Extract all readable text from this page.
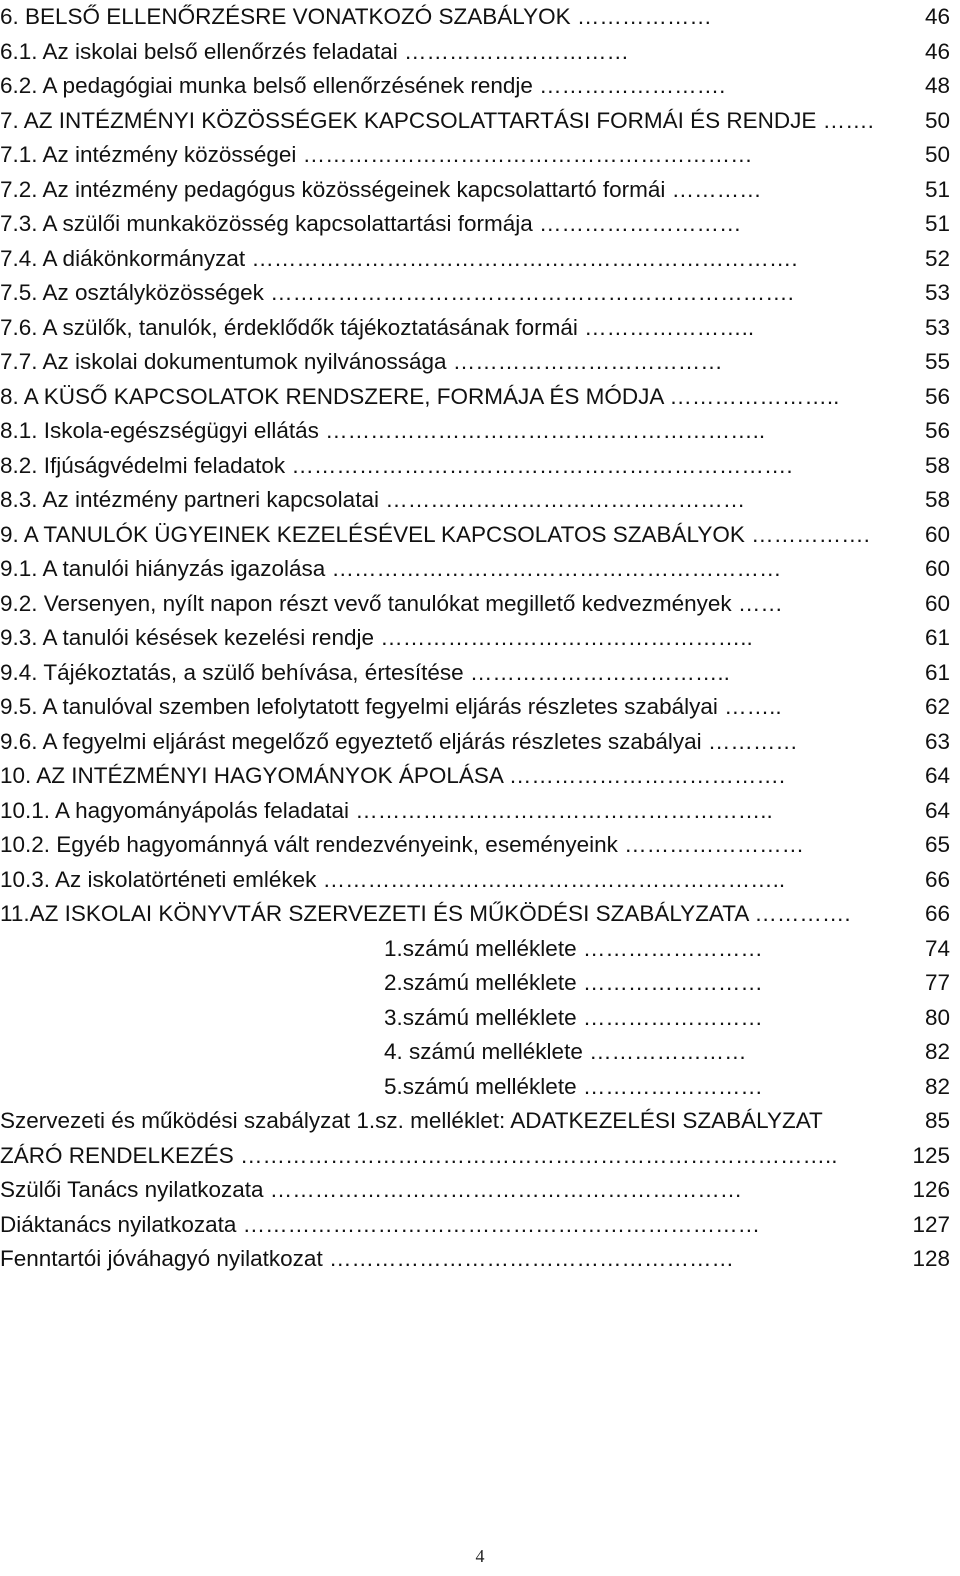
6. BELSŐ ELLENŐRZÉSRE VONATKOZÓ SZABÁLYOK ………………	46
6.1. Az iskolai belső ellenőrzés feladatai …………………………	46
6.2. A pedagógiai munka belső ellenőrzésének rendje …………………….	48
7. AZ INTÉZMÉNYI KÖZÖSSÉGEK KAPCSOLATTARTÁSI FORMÁI ÉS RENDJE ……. 50
7.1. Az intézmény közösségei ……………………………………………………	50
7.2. Az intézmény pedagógus közösségeinek kapcsolattartó formái …………	51
7.3. A szülői munkaközösség kapcsolattartási formája ………………………	51
7.4. A diákönkormányzat ……………………………………………………………….	52
7.5. Az osztályközösségek …………………………………………………………….	53
7.6. A szülők, tanulók, érdeklődők tájékoztatásának formái …………………..	53
7.7. Az iskolai dokumentumok nyilvánossága ………………………………	55
8. A KÜSŐ KAPCSOLATOK RENDSZERE, FORMÁJA ÉS MÓDJA …………………..	56
8.1. Iskola-egészségügyi ellátás …………………………………………………..	56
8.2. Ifjúságvédelmi feladatok ………………………………………………………….	58
8.3. Az intézmény partneri kapcsolatai …………………………………………	58
9. A TANULÓK ÜGYEINEK KEZELÉSÉVEL KAPCSOLATOS SZABÁLYOK ……………. 60
9.1. A tanulói hiányzás igazolása ……………………………………………………	60
9.2. Versenyen, nyílt napon részt vevő tanulókat megillető kedvezmények ……	60
9.3. A tanulói késések kezelési rendje …………………………………………..	61
9.4. Tájékoztatás, a szülő behívása, értesítése ……………………………..	61
9.5. A tanulóval szemben lefolytatott fegyelmi eljárás részletes szabályai ……..	62
9.6. A fegyelmi eljárást megelőző egyeztető eljárás részletes szabályai …………	63
10. AZ INTÉZMÉNYI HAGYOMÁNYOK ÁPOLÁSA ……………………………….	64
10.1. A hagyományápolás feladatai ………………………………………………..	64
10.2. Egyéb hagyománnyá vált rendezvényeink, eseményeink ……………………	65
10.3. Az iskolatörténeti emlékek ……………………………………………………..	66
11.AZ ISKOLAI KÖNYVTÁR SZERVEZETI ÉS MŰKÖDÉSI SZABÁLYZATA ………….	66
1.számú melléklete ……………………	74
2.számú melléklete ……………………	77
3.számú melléklete ……………………	80
4. számú melléklete …………………	82
5.számú melléklete ……………………	82
Szervezeti és működési szabályzat 1.sz. melléklet: ADATKEZELÉSI SZABÁLYZAT	85
ZÁRÓ RENDELKEZÉS ……………………………………………………………………..	125
Szülői Tanács nyilatkozata ………………………………………………………	126
Diáktanács nyilatkozata ……………………………………………………………	127
Fenntartói jóváhagyó nyilatkozat ………………………………………………	128
4
